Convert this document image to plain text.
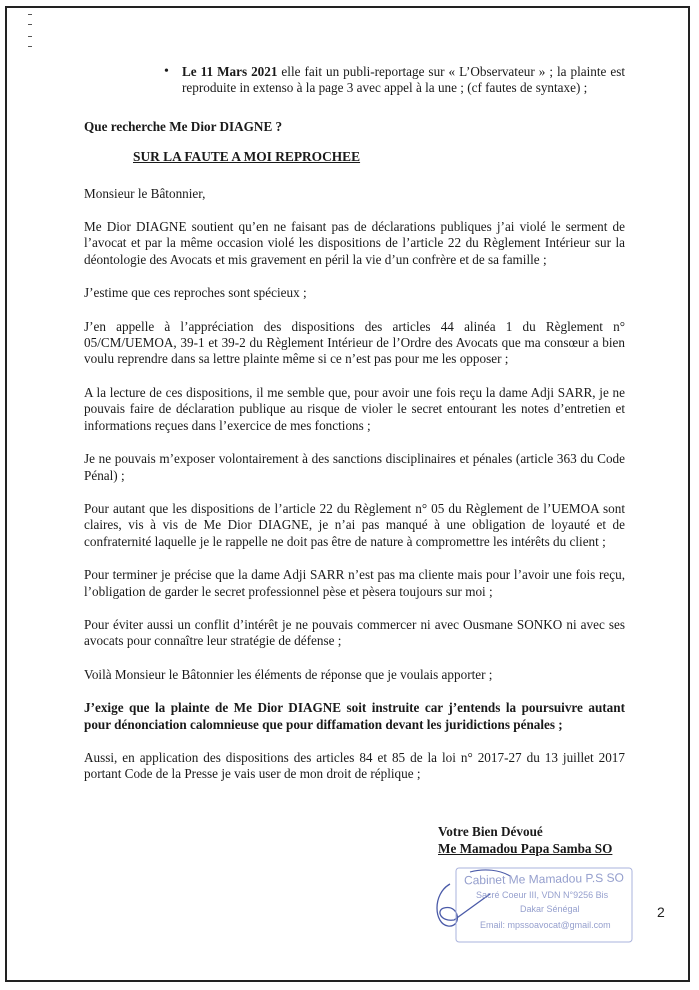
• Le 11 Mars 2021 elle fait un publi-reportage sur « L’Observateur » ; la plainte est reproduite in extenso à la page 3 avec appel à la une ; (cf fautes de syntaxe) ;
Que recherche Me Dior DIAGNE ?
SUR LA FAUTE A MOI REPROCHEE

Monsieur le Bâtonnier,

Me Dior DIAGNE soutient qu’en ne faisant pas de déclarations publiques j’ai violé le serment de l’avocat et par la même occasion violé les dispositions de l’article 22 du Règlement Intérieur sur la déontologie des Avocats et mis gravement en péril la vie d’un confrère et de sa famille ;

J’estime que ces reproches sont spécieux ;

J’en appelle à l’appréciation des dispositions des articles 44 alinéa 1 du Règlement n° 05/CM/UEMOA, 39-1 et 39-2 du Règlement Intérieur de l’Ordre des Avocats que ma consœur a bien voulu reprendre dans sa lettre plainte même si ce n’est pas pour me les opposer ;

A la lecture de ces dispositions, il me semble que, pour avoir une fois reçu la dame Adji SARR, je ne pouvais faire de déclaration publique au risque de violer le secret entourant les notes d’entretien et informations reçues dans l’exercice de mes fonctions ;

Je ne pouvais m’exposer volontairement à des sanctions disciplinaires et pénales (article 363 du Code Pénal) ;

Pour autant que les dispositions de l’article 22 du Règlement n° 05 du Règlement de l’UEMOA sont claires, vis à vis de Me Dior DIAGNE, je n’ai pas manqué à une obligation de loyauté et de confraternité laquelle je le rappelle ne doit pas être de nature à compromettre les intérêts du client ;

Pour terminer je précise que la dame Adji SARR n’est pas ma cliente mais pour l’avoir une fois reçu, l’obligation de garder le secret professionnel pèse et pèsera toujours sur moi ;

Pour éviter aussi un conflit d’intérêt je ne pouvais commercer ni avec Ousmane SONKO ni avec ses avocats pour connaître leur stratégie de défense ;

Voilà Monsieur le Bâtonnier les éléments de réponse que je voulais apporter ;

J’exige que la plainte de Me Dior DIAGNE soit instruite car j’entends la poursuivre autant pour dénonciation calomnieuse que pour diffamation devant les juridictions pénales ;

Aussi, en application des dispositions des articles 84 et 85 de la loi n° 2017-27 du 13 juillet 2017 portant Code de la Presse je vais user de mon droit de réplique ;

Votre Bien Dévoué
Me Mamadou Papa Samba SO
Cabinet Me Mamadou P.S SO
Sacré Coeur III, VDN N°9256 Bis
Dakar Sénégal
Email: mpssoavocat@gmail.com
2
